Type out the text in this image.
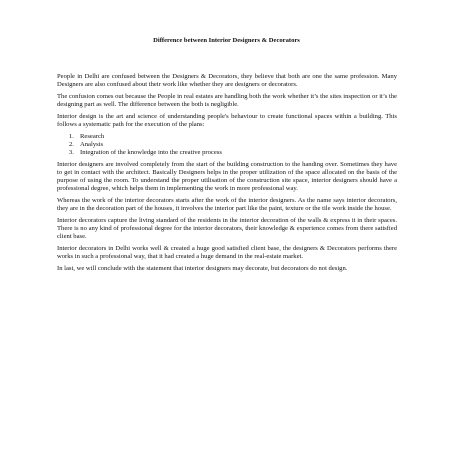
Difference between Interior Designers & Decorators

People in Delhi are confused between the Designers & Decorators, they believe that both are one the same profession. Many Designers are also confused about their work like whether they are designers or decorators.

The confusion comes out because the People in real estates are handling both the work whether it’s the sites inspection or it’s the designing part as well. The difference between the both is negligible.

Interior design is the art and science of understanding people's behaviour to create functional spaces within a building. This follows a systematic path for the execution of the plans:

1. Research
2. Analysis
3. Integration of the knowledge into the creative process

Interior designers are involved completely from the start of the building construction to the handing over. Sometimes they have to get in contact with the architect. Basically Designers helps in the proper utilization of the space allocated on the basis of the purpose of using the room. To understand the proper utilisation of the construction site space, interior designers should have a professional degree, which helps them in implementing the work in more professional way.

Whereas the work of the interior decorators starts after the work of the interior designers. As the name says interior decorators, they are in the decoration part of the houses, it involves the interior part like the paint, texture or the tile work inside the house.

Interior decorators capture the living standard of the residents in the interior decoration of the walls & express it in their spaces. There is no any kind of professional degree for the interior decorators, their knowledge & experience comes from there satisfied client base.

Interior decorators in Delhi works well & created a huge good satisfied client base, the designers & Decorators performs there works in such a professional way, that it had created a huge demand in the real-estate market.

In last, we will conclude with the statement that interior designers may decorate, but decorators do not design.
